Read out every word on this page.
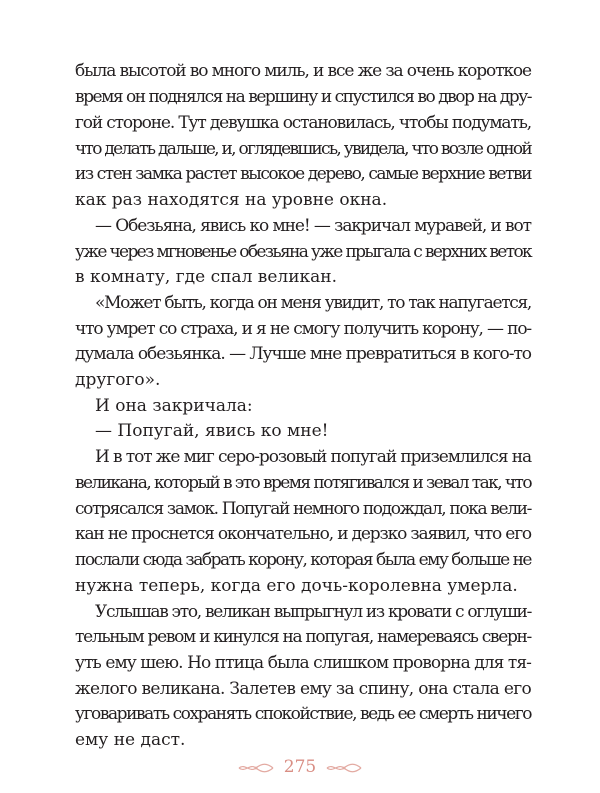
была высотой во много миль, и все же за очень короткое
время он поднялся на вершину и спустился во двор на дру-
гой стороне. Тут девушка остановилась, чтобы подумать,
что делать дальше, и, оглядевшись, увидела, что возле одной
из стен замка растет высокое дерево, самые верхние ветви
как раз находятся на уровне окна.
— Обезьяна, явись ко мне! — закричал муравей, и вот
уже через мгновенье обезьяна уже прыгала с верхних веток
в комнату, где спал великан.
«Может быть, когда он меня увидит, то так напугается,
что умрет со страха, и я не смогу получить корону, — по-
думала обезьянка. — Лучше мне превратиться в кого-то
другого».
И она закричала:
— Попугай, явись ко мне!
И в тот же миг серо-розовый попугай приземлился на
великана, который в это время потягивался и зевал так, что
сотрясался замок. Попугай немного подождал, пока вели-
кан не проснется окончательно, и дерзко заявил, что его
послали сюда забрать корону, которая была ему больше не
нужна теперь, когда его дочь-королевна умерла.
Услышав это, великан выпрыгнул из кровати с оглуши-
тельным ревом и кинулся на попугая, намереваясь сверн-
уть ему шею. Но птица была слишком проворна для тя-
желого великана. Залетев ему за спину, она стала его
уговаривать сохранять спокойствие, ведь ее смерть ничего
ему не даст.
275
